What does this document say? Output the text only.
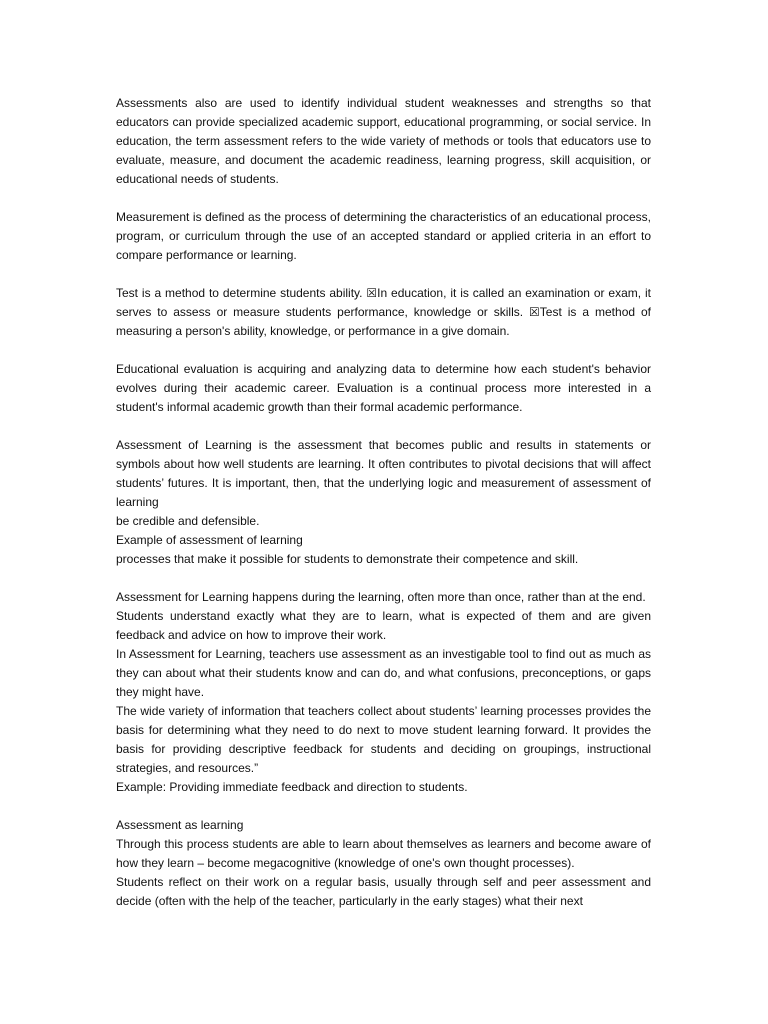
Assessments also are used to identify individual student weaknesses and strengths so that educators can provide specialized academic support, educational programming, or social service. In education, the term assessment refers to the wide variety of methods or tools that educators use to evaluate, measure, and document the academic readiness, learning progress, skill acquisition, or educational needs of students.
Measurement is defined as the process of determining the characteristics of an educational process, program, or curriculum through the use of an accepted standard or applied criteria in an effort to compare performance or learning.
Test is a method to determine students ability. ☒In education, it is called an examination or exam, it serves to assess or measure students performance, knowledge or skills. ☒Test is a method of measuring a person's ability, knowledge, or performance in a give domain.
Educational evaluation is acquiring and analyzing data to determine how each student's behavior evolves during their academic career. Evaluation is a continual process more interested in a student's informal academic growth than their formal academic performance.
Assessment of Learning is the assessment that becomes public and results in statements or symbols about how well students are learning. It often contributes to pivotal decisions that will affect students’ futures. It is important, then, that the underlying logic and measurement of assessment of learning
be credible and defensible.
Example of assessment of learning
processes that make it possible for students to demonstrate their competence and skill.
Assessment for Learning happens during the learning, often more than once, rather than at the end.
Students understand exactly what they are to learn, what is expected of them and are given feedback and advice on how to improve their work.
In Assessment for Learning, teachers use assessment as an investigable tool to find out as much as they can about what their students know and can do, and what confusions, preconceptions, or gaps they might have.
The wide variety of information that teachers collect about students’ learning processes provides the basis for determining what they need to do next to move student learning forward. It provides the basis for providing descriptive feedback for students and deciding on groupings, instructional strategies, and resources.”
Example: Providing immediate feedback and direction to students.
Assessment as learning
Through this process students are able to learn about themselves as learners and become aware of how they learn – become megacognitive (knowledge of one's own thought processes).
Students reflect on their work on a regular basis, usually through self and peer assessment and decide (often with the help of the teacher, particularly in the early stages) what their next
